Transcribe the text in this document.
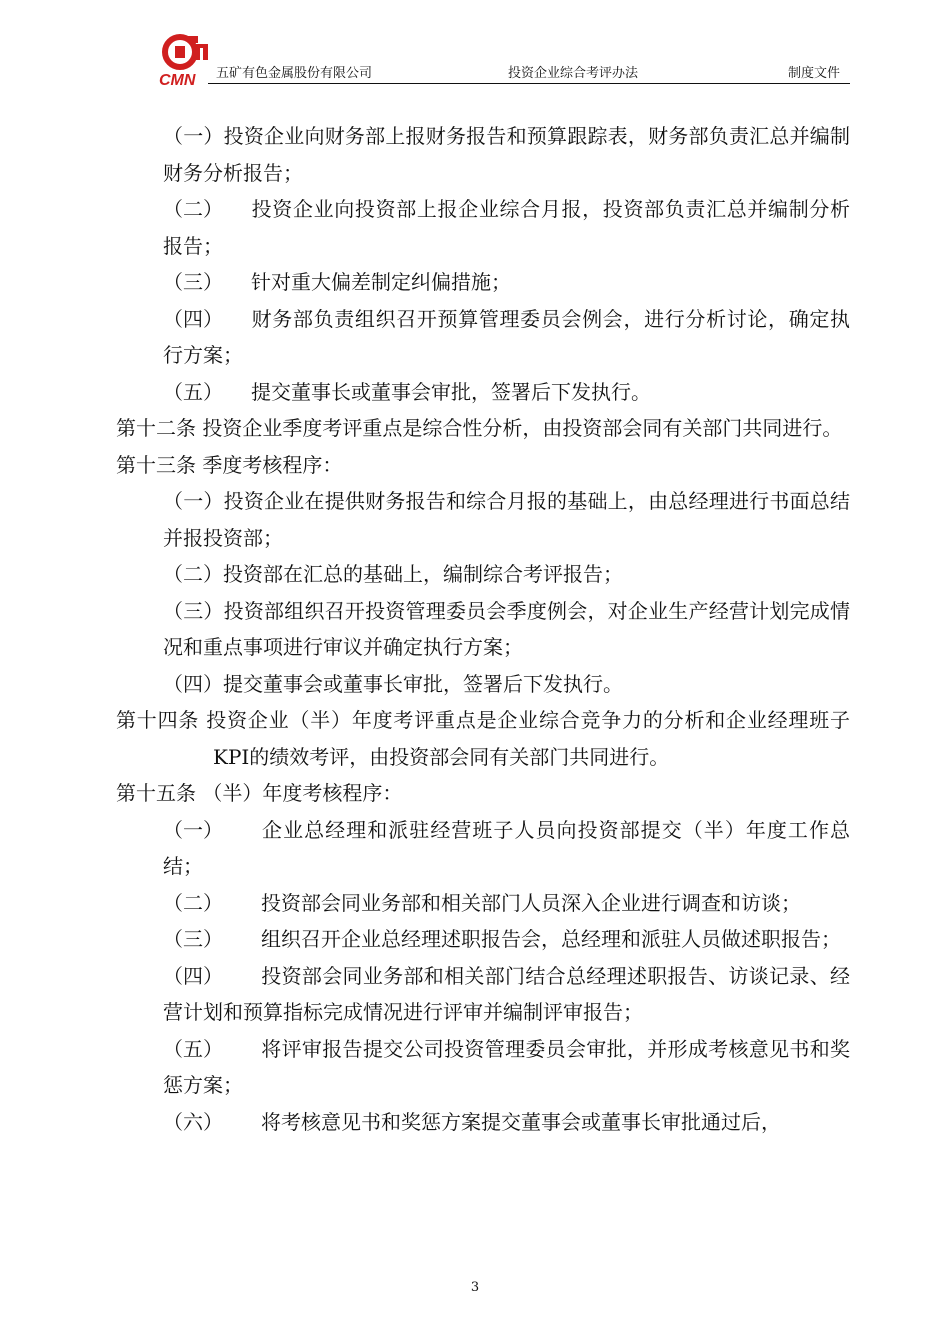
CMN 五矿有色金属股份有限公司	投资企业综合考评办法	制度文件

（一）投资企业向财务部上报财务报告和预算跟踪表，财务部负责汇总并编制财务分析报告；

（二） 投资企业向投资部上报企业综合月报，投资部负责汇总并编制分析报告；

（三） 针对重大偏差制定纠偏措施；

（四） 财务部负责组织召开预算管理委员会例会，进行分析讨论，确定执行方案；

（五） 提交董事长或董事会审批，签署后下发执行。

第十二条 投资企业季度考评重点是综合性分析，由投资部会同有关部门共同进行。

第十三条 季度考核程序：

（一）投资企业在提供财务报告和综合月报的基础上，由总经理进行书面总结并报投资部；

（二）投资部在汇总的基础上，编制综合考评报告；

（三）投资部组织召开投资管理委员会季度例会，对企业生产经营计划完成情况和重点事项进行审议并确定执行方案；

（四）提交董事会或董事长审批，签署后下发执行。

第十四条 投资企业（半）年度考评重点是企业综合竞争力的分析和企业经理班子KPI的绩效考评，由投资部会同有关部门共同进行。

第十五条 （半）年度考核程序：

（一） 企业总经理和派驻经营班子人员向投资部提交（半）年度工作总结；

（二） 投资部会同业务部和相关部门人员深入企业进行调查和访谈；

（三） 组织召开企业总经理述职报告会，总经理和派驻人员做述职报告；

（四） 投资部会同业务部和相关部门结合总经理述职报告、访谈记录、经营计划和预算指标完成情况进行评审并编制评审报告；

（五） 将评审报告提交公司投资管理委员会审批，并形成考核意见书和奖惩方案；

（六） 将考核意见书和奖惩方案提交董事会或董事长审批通过后，

3
